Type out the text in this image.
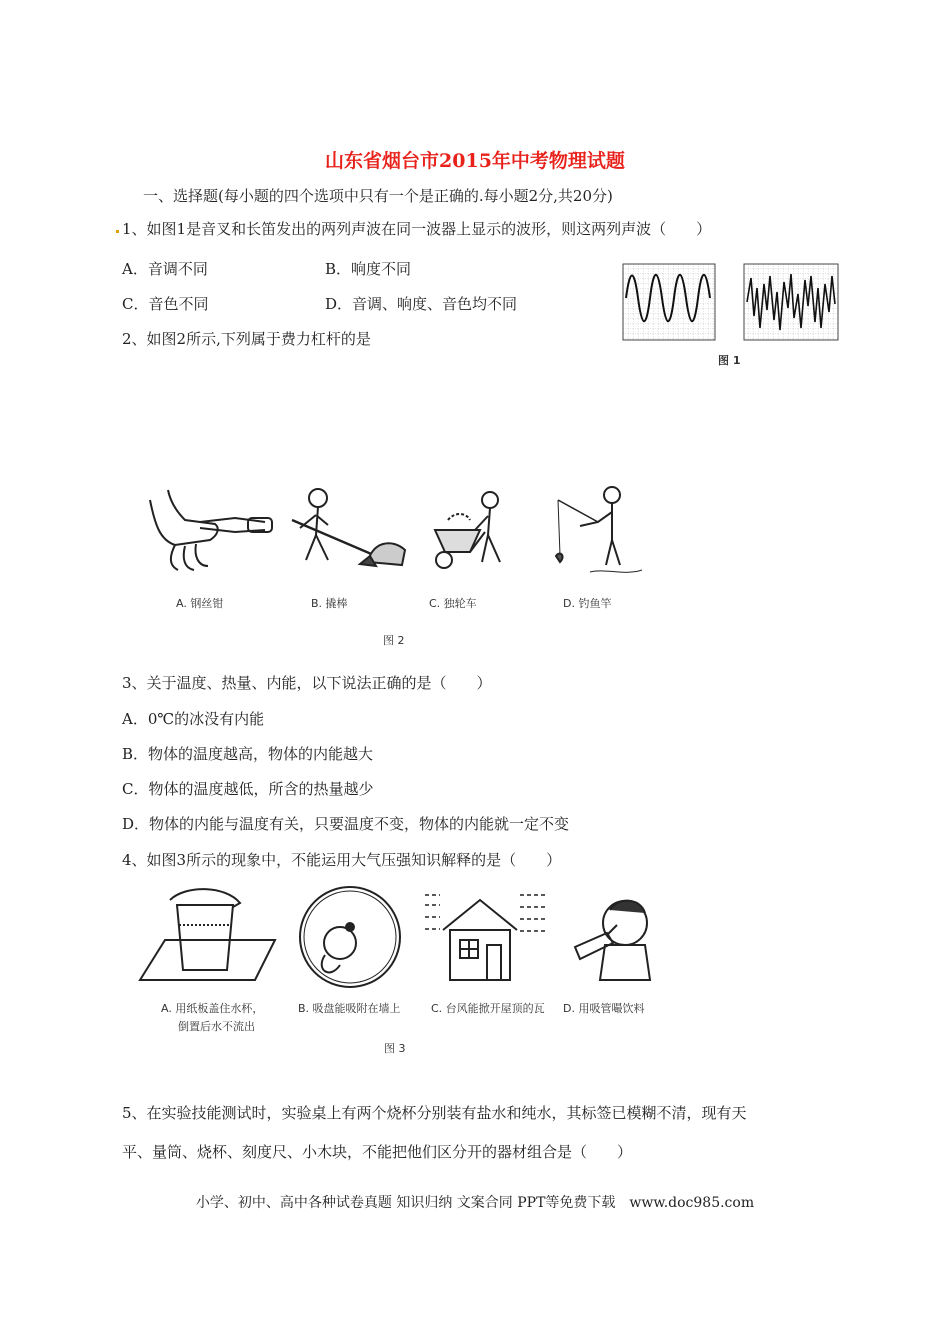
山东省烟台市2015年中考物理试题
一、选择题(每小题的四个选项中只有一个是正确的.每小题2分,共20分)
1、如图1是音叉和长笛发出的两列声波在同一波器上显示的波形，则这两列声波（　　）
A．音调不同	B．响度不同
C．音色不同	D．音调、响度、音色均不同
图 1
2、如图2所示,下列属于费力杠杆的是
A. 钢丝钳	B. 撬棒	C. 独轮车	D. 钓鱼竿
图 2
3、关于温度、热量、内能，以下说法正确的是（　　）
A．0℃的冰没有内能
B．物体的温度越高，物体的内能越大
C．物体的温度越低，所含的热量越少
D．物体的内能与温度有关，只要温度不变，物体的内能就一定不变
4、如图3所示的现象中，不能运用大气压强知识解释的是（　　）
A. 用纸板盖住水杯，
倒置后水不流出
B. 吸盘能吸附在墙上	C. 台风能掀开屋顶的瓦 D. 用吸管嘬饮料
图 3
5、在实验技能测试时，实验桌上有两个烧杯分别装有盐水和纯水，其标签已模糊不清，现有天
平、量筒、烧杯、刻度尺、小木块，不能把他们区分开的器材组合是（　　）
小学、初中、高中各种试卷真题 知识归纳 文案合同 PPT等免费下载　www.doc985.com
